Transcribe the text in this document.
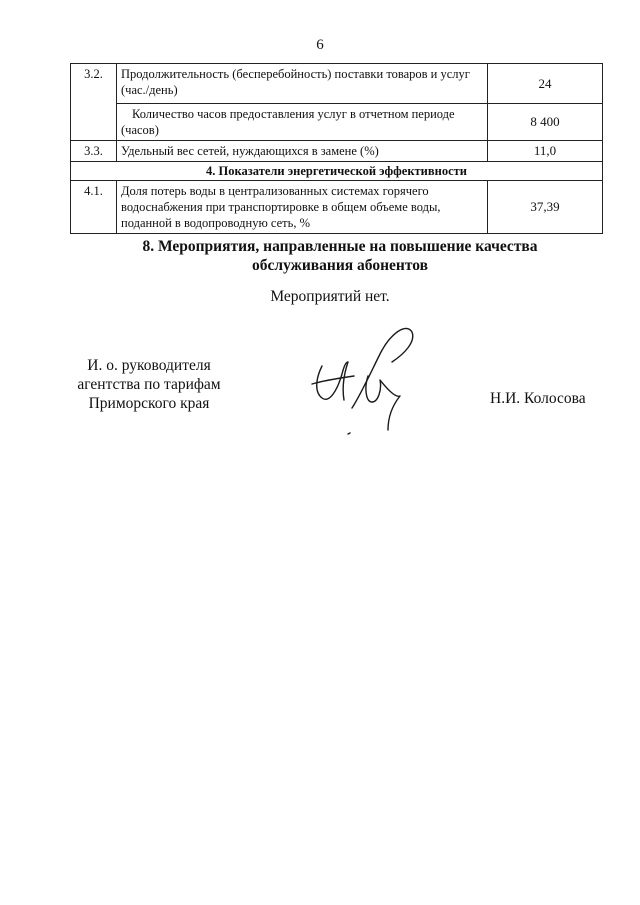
6
3.2.	Продолжительность (бесперебойность) поставки товаров и услуг (час./день)	24
	Количество часов предоставления услуг в отчетном периоде (часов)	8 400
3.3.	Удельный вес сетей, нуждающихся в замене (%)	11,0
4. Показатели энергетической эффективности		
4.1.	Доля потерь воды в централизованных системах горячего водоснабжения при транспортировке в общем объеме воды, поданной в водопроводную сеть, %	37,39
8. Мероприятия, направленные на повышение качества
обслуживания абонентов
Мероприятий нет.
И. о. руководителя
агентства по тарифам
Приморского края	Н.И. Колосова
